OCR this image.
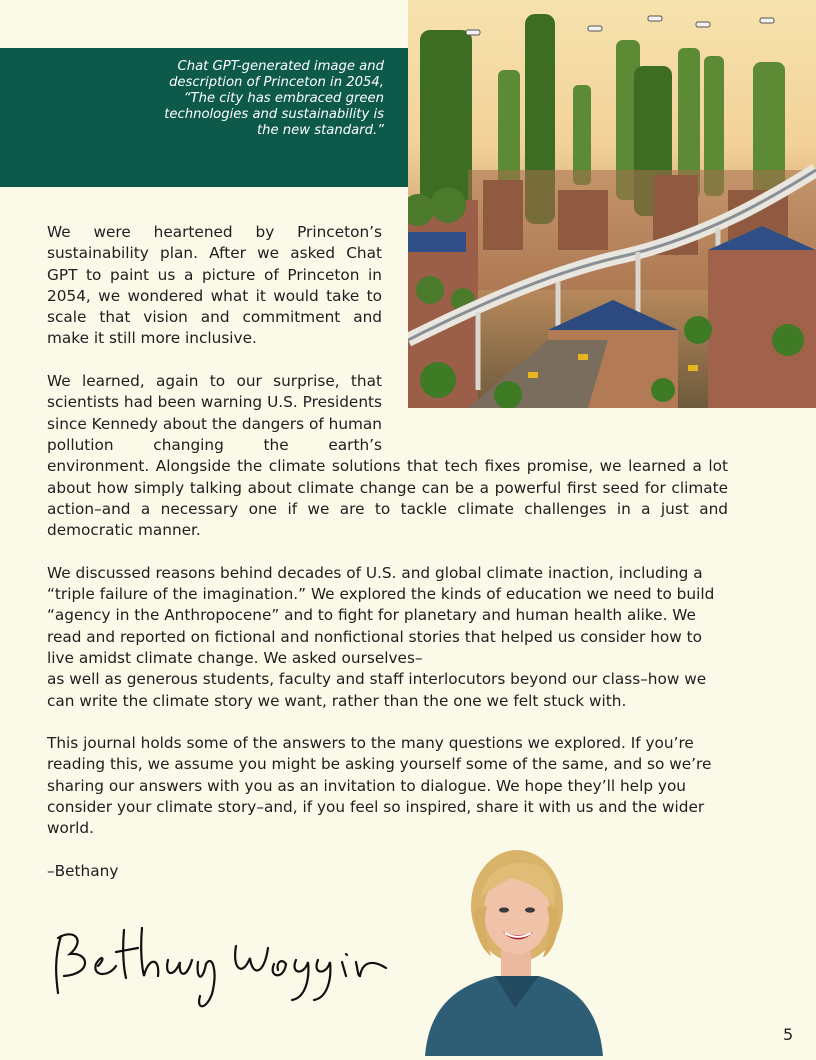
Chat GPT-generated image and description of Princeton in 2054, “The city has embraced green technologies and sustainability is the new standard.”

We were heartened by Princeton’s sustainability plan. After we asked Chat GPT to paint us a picture of Princeton in 2054, we wondered what it would take to scale that vision and commitment and make it still more inclusive.

We learned, again to our surprise, that scientists had been warning U.S. Presidents since Kennedy about the dangers of human pollution changing the earth’s environment. Alongside the climate solutions that tech fixes promise, we learned a lot about how simply talking about climate change can be a powerful first seed for climate action–and a necessary one if we are to tackle climate challenges in a just and democratic manner.

We discussed reasons behind decades of U.S. and global climate inaction, including a “triple failure of the imagination.” We explored the kinds of education we need to build “agency in the Anthropocene” and to fight for planetary and human health alike. We read and reported on fictional and nonfictional stories that helped us consider how to live amidst climate change. We asked ourselves–

as well as generous students, faculty and staff interlocutors beyond our class–how we can write the climate story we want, rather than the one we felt stuck with.

This journal holds some of the answers to the many questions we explored. If you’re reading this, we assume you might be asking yourself some of the same, and so we’re sharing our answers with you as an invitation to dialogue. We hope they’ll help you consider your climate story–and, if you feel so inspired, share it with us and the wider world.

–Bethany

5
